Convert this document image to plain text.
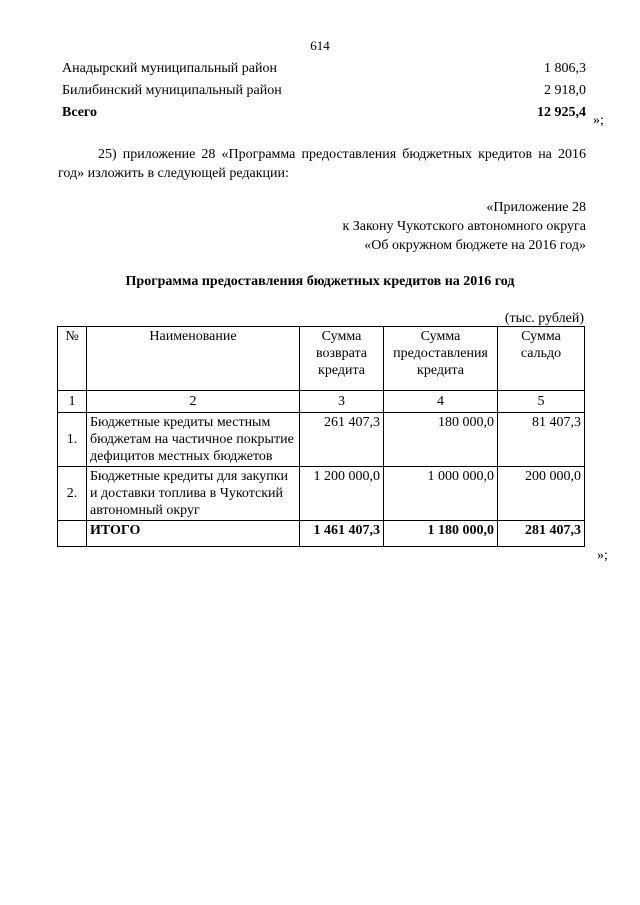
614
Анадырский муниципальный район	1 806,3
Билибинский муниципальный район	2 918,0
Всего	12 925,4
»;
25) приложение 28 «Программа предоставления бюджетных кредитов на 2016 год» изложить в следующей редакции:
«Приложение 28
к Закону Чукотского автономного округа
«Об окружном бюджете на 2016 год»
Программа предоставления бюджетных кредитов на 2016 год
(тыс. рублей)
№	Наименование	Сумма возврата кредита	Сумма предоставления кредита	Сумма сальдо
1	2	3	4	5
1.	Бюджетные кредиты местным бюджетам на частичное покрытие дефицитов местных бюджетов	261 407,3	180 000,0	81 407,3
2.	Бюджетные кредиты для закупки и доставки топлива в Чукотский автономный округ	1 200 000,0	1 000 000,0	200 000,0
	ИТОГО	1 461 407,3	1 180 000,0	281 407,3
»;
